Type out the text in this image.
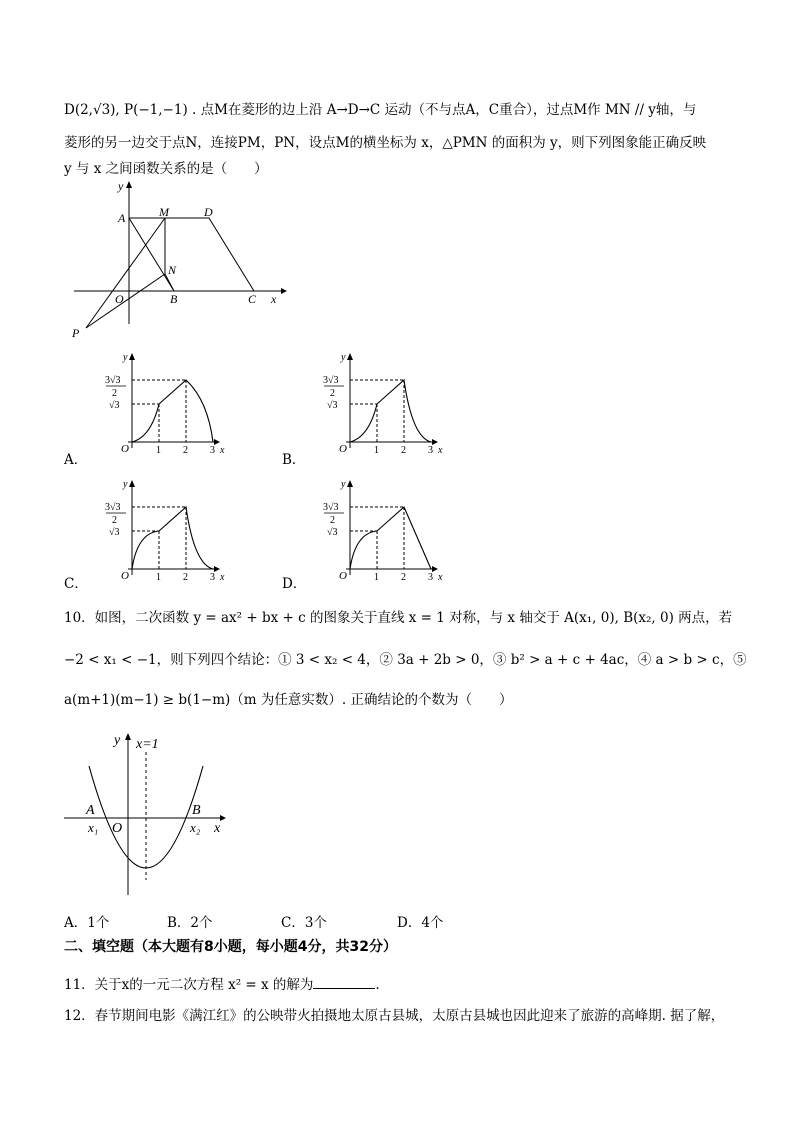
D(2,√3), P(−1,−1) . 点M在菱形的边上沿 A→D→C 运动（不与点A，C重合），过点M作 MN // y轴，与
菱形的另一边交于点N，连接PM，PN，设点M的横坐标为 x，△PMN 的面积为 y，则下列图象能正确反映
y 与 x 之间函数关系的是（　　）
y
A	M	D
N
O	B	C x
P
10．如图，二次函数 y = ax² + bx + c 的图象关于直线 x = 1 对称，与 x 轴交于 A(x₁, 0), B(x₂, 0) 两点，若
−2 < x₁ < −1，则下列四个结论：① 3 < x₂ < 4，② 3a + 2b > 0，③ b² > a + c + 4ac，④ a > b > c，⑤
a(m+1)(m−1) ≥ b(1−m)（m 为任意实数）. 正确结论的个数为（　　）
y x=1
A	B
x₁ O	x₂ x
A．1个	B．2个	C．3个	D．4个
二、填空题（本大题有8小题，每小题4分，共32分）
11．关于x的一元二次方程 x² = x 的解为	.
12．春节期间电影《满江红》的公映带火拍摄地太原古县城，太原古县城也因此迎来了旅游的高峰期. 据了解，
y
3√3
2
√3
O	1 2 3 x
A．
y
3√3
2
√3
O	1 2 3 x
B．
y
3√3
2
√3
O	1 2 3 x
C．
y
3√3
2
√3
O	1 2 3 x
D．
